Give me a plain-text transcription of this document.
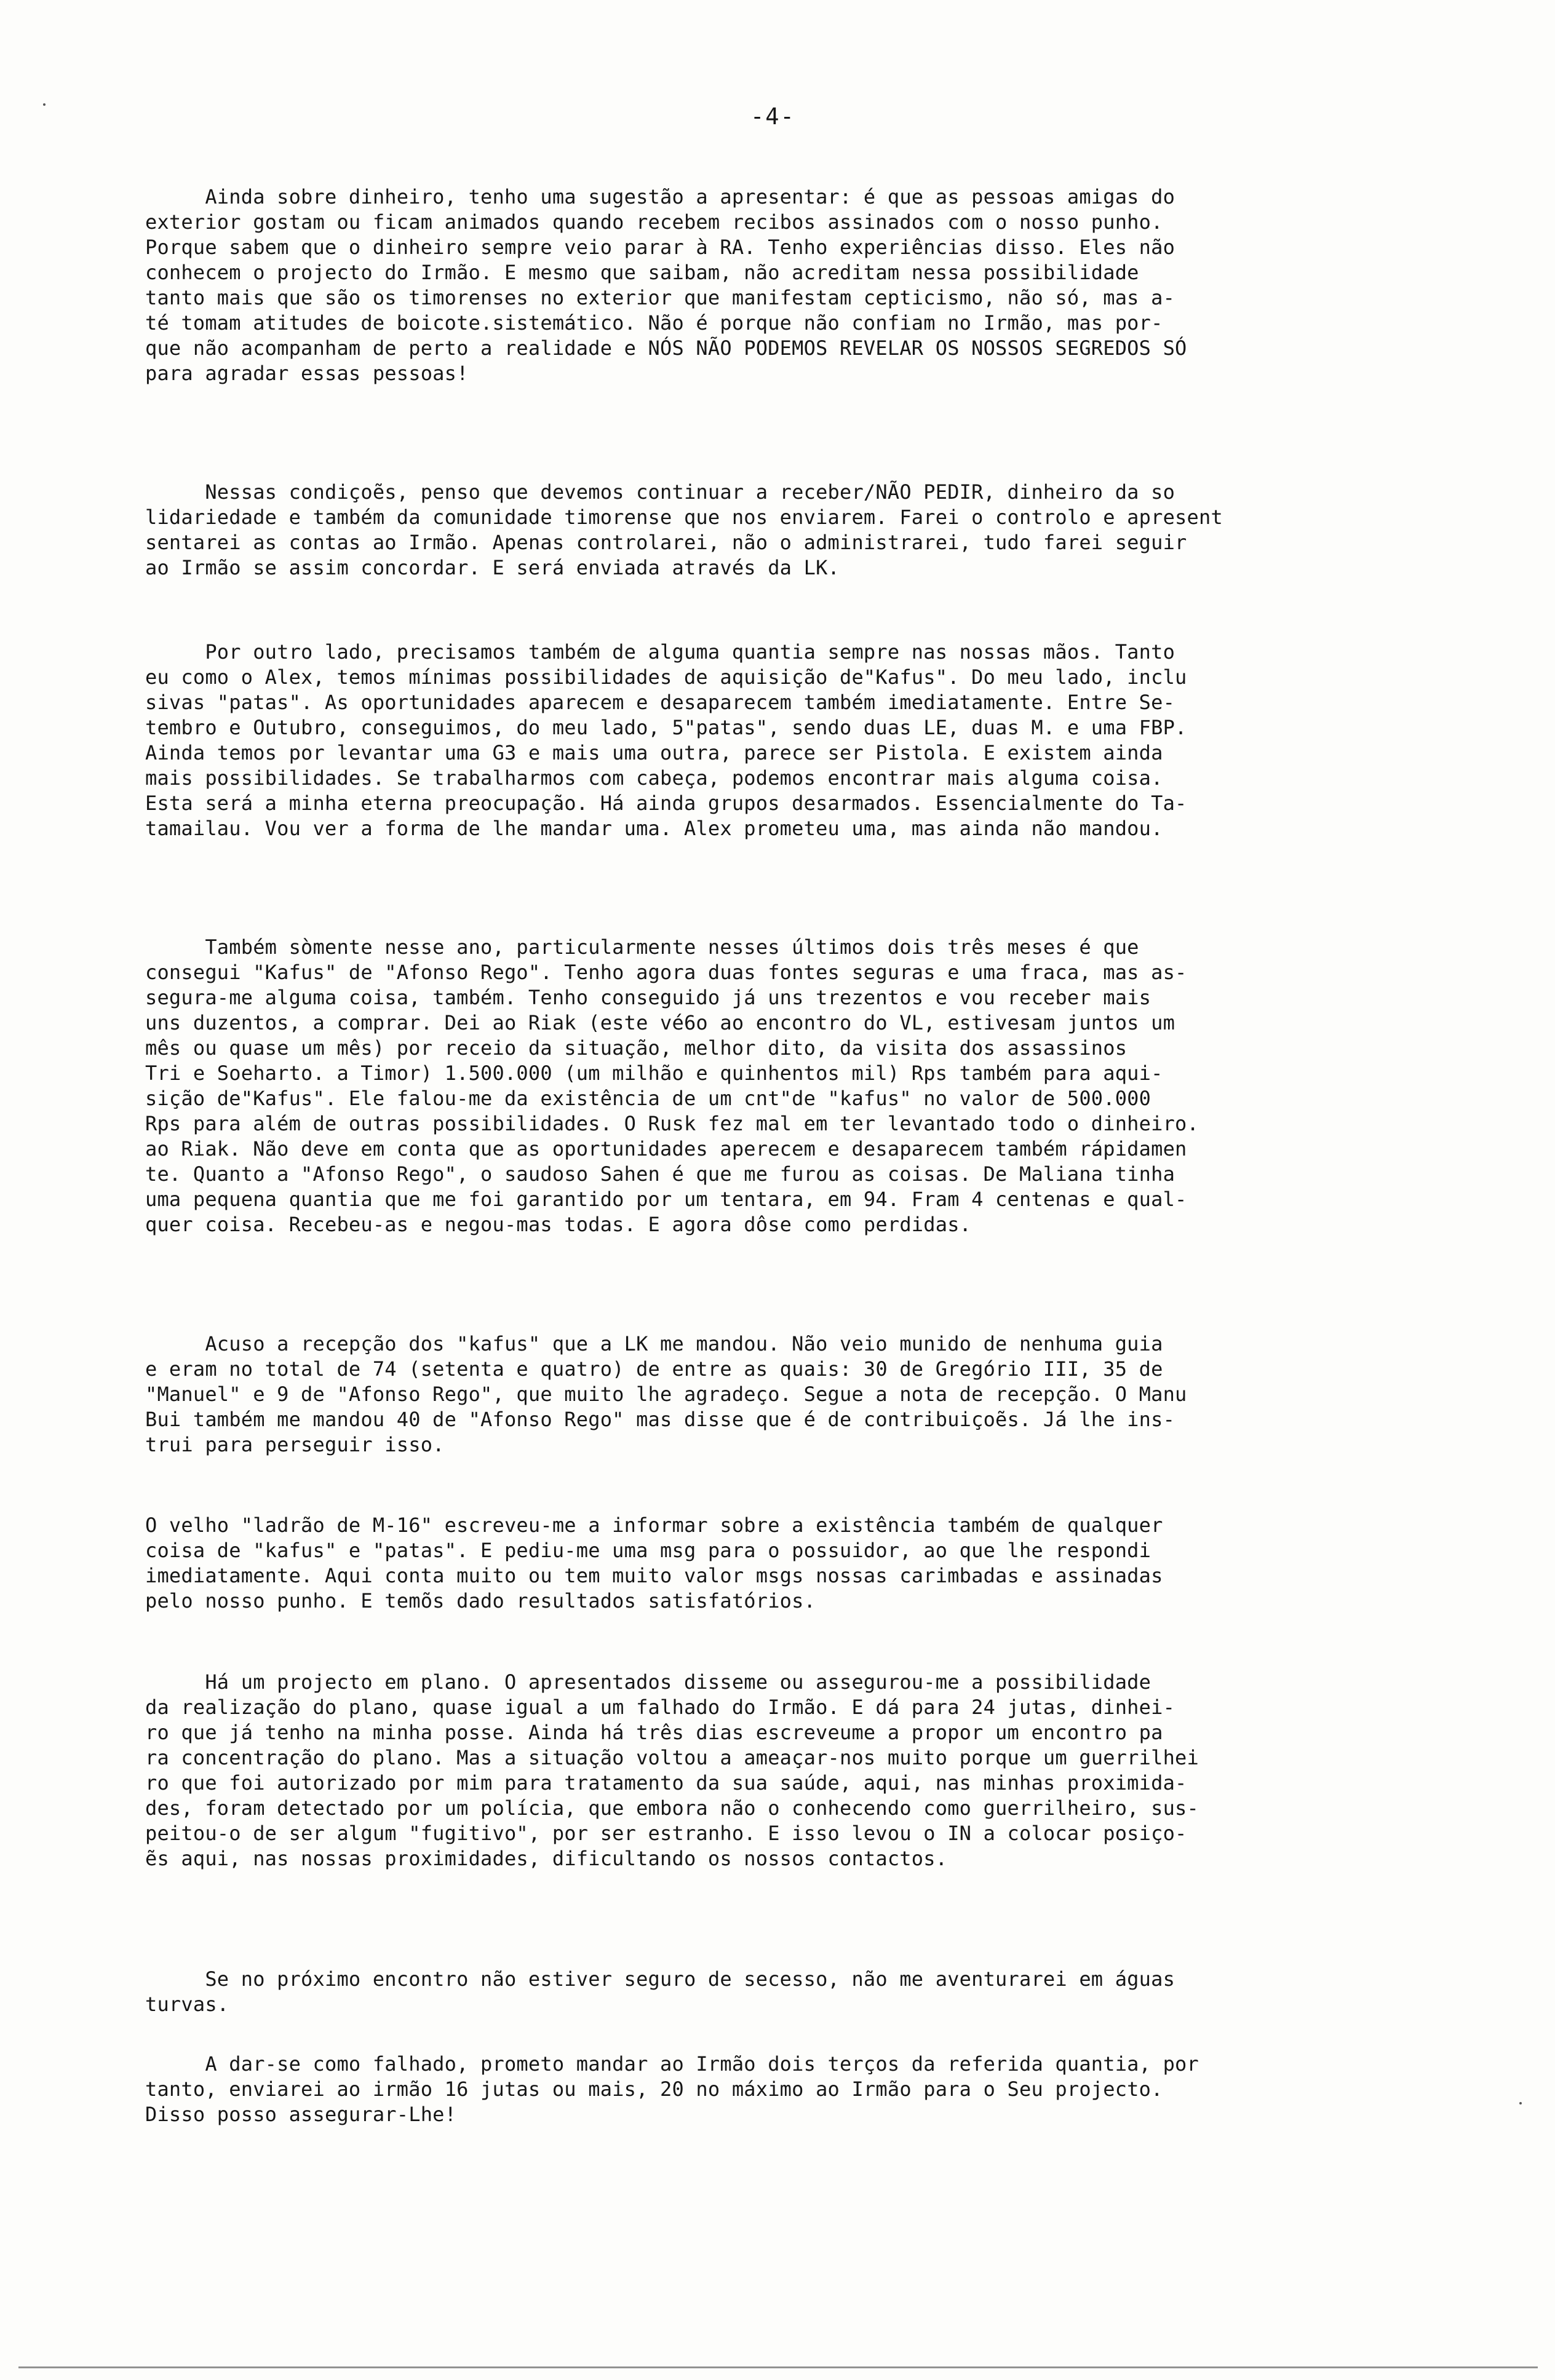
-4-
Ainda sobre dinheiro, tenho uma sugestão a apresentar: é que as pessoas amigas do
exterior gostam ou ficam animados quando recebem recibos assinados com o nosso punho.
Porque sabem que o dinheiro sempre veio parar à RA. Tenho experiências disso. Eles não
conhecem o projecto do Irmão. E mesmo que saibam, não acreditam nessa possibilidade
tanto mais que são os timorenses no exterior que manifestam cepticismo, não só, mas a-
té tomam atitudes de boicote.sistemático. Não é porque não confiam no Irmão, mas por-
que não acompanham de perto a realidade e NÓS NÃO PODEMOS REVELAR OS NOSSOS SEGREDOS SÓ
para agradar essas pessoas!
Nessas condiçoẽs, penso que devemos continuar a receber/NÃO PEDIR, dinheiro da so
lidariedade e também da comunidade timorense que nos enviarem. Farei o controlo e apresent
sentarei as contas ao Irmão. Apenas controlarei, não o administrarei, tudo farei seguir
ao Irmão se assim concordar. E será enviada através da LK.
Por outro lado, precisamos também de alguma quantia sempre nas nossas mãos. Tanto
eu como o Alex, temos mínimas possibilidades de aquisição de"Kafus". Do meu lado, inclu
sivas "patas". As oportunidades aparecem e desaparecem também imediatamente. Entre Se-
tembro e Outubro, conseguimos, do meu lado, 5"patas", sendo duas LE, duas M. e uma FBP.
Ainda temos por levantar uma G3 e mais uma outra, parece ser Pistola. E existem ainda
mais possibilidades. Se trabalharmos com cabeça, podemos encontrar mais alguma coisa.
Esta será a minha eterna preocupação. Há ainda grupos desarmados. Essencialmente do Ta-
tamailau. Vou ver a forma de lhe mandar uma. Alex prometeu uma, mas ainda não mandou.
Também sòmente nesse ano, particularmente nesses últimos dois três meses é que
consegui "Kafus" de "Afonso Rego". Tenho agora duas fontes seguras e uma fraca, mas as-
segura-me alguma coisa, também. Tenho conseguido já uns trezentos e vou receber mais
uns duzentos, a comprar. Dei ao Riak (este vé6o ao encontro do VL, estivesam juntos um
mês ou quase um mês) por receio da situação, melhor dito, da visita dos assassinos
Tri e Soeharto. a Timor) 1.500.000 (um milhão e quinhentos mil) Rps também para aqui-
sição de"Kafus". Ele falou-me da existência de um cnt"de "kafus" no valor de 500.000
Rps para além de outras possibilidades. O Rusk fez mal em ter levantado todo o dinheiro.
ao Riak. Não deve em conta que as oportunidades aperecem e desaparecem também rápidamen
te. Quanto a "Afonso Rego", o saudoso Sahen é que me furou as coisas. De Maliana tinha
uma pequena quantia que me foi garantido por um tentara, em 94. Fram 4 centenas e qual-
quer coisa. Recebeu-as e negou-mas todas. E agora dôse como perdidas.
Acuso a recepção dos "kafus" que a LK me mandou. Não veio munido de nenhuma guia
e eram no total de 74 (setenta e quatro) de entre as quais: 30 de Gregório III, 35 de
"Manuel" e 9 de "Afonso Rego", que muito lhe agradeço. Segue a nota de recepção. O Manu
Bui também me mandou 40 de "Afonso Rego" mas disse que é de contribuiçoẽs. Já lhe ins-
trui para perseguir isso.
O velho "ladrão de M-16" escreveu-me a informar sobre a existência também de qualquer
coisa de "kafus" e "patas". E pediu-me uma msg para o possuidor, ao que lhe respondi
imediatamente. Aqui conta muito ou tem muito valor msgs nossas carimbadas e assinadas
pelo nosso punho. E temõs dado resultados satisfatórios.
Há um projecto em plano. O apresentados disseme ou assegurou-me a possibilidade
da realização do plano, quase igual a um falhado do Irmão. E dá para 24 jutas, dinhei-
ro que já tenho na minha posse. Ainda há três dias escreveume a propor um encontro pa
ra concentração do plano. Mas a situação voltou a ameaçar-nos muito porque um guerrilhei
ro que foi autorizado por mim para tratamento da sua saúde, aqui, nas minhas proximida-
des, foram detectado por um polícia, que embora não o conhecendo como guerrilheiro, sus-
peitou-o de ser algum "fugitivo", por ser estranho. E isso levou o IN a colocar posiço-
ẽs aqui, nas nossas proximidades, dificultando os nossos contactos.
Se no próximo encontro não estiver seguro de secesso, não me aventurarei em águas
turvas.
A dar-se como falhado, prometo mandar ao Irmão dois terços da referida quantia, por
tanto, enviarei ao irmão 16 jutas ou mais, 20 no máximo ao Irmão para o Seu projecto.
Disso posso assegurar-Lhe!
